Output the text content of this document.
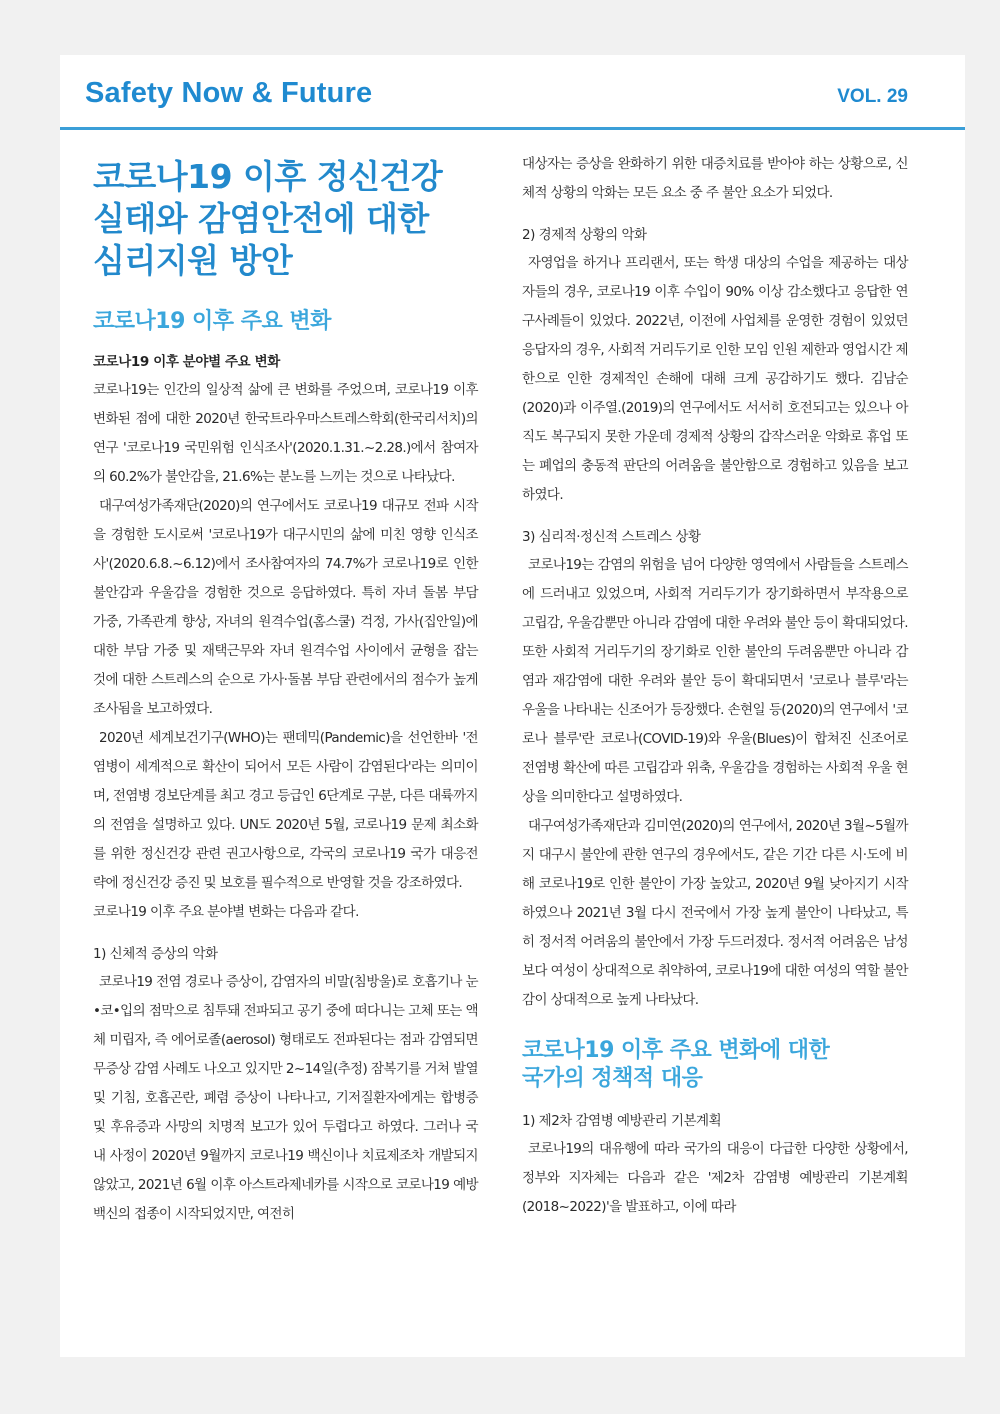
Safety Now & Future	VOL. 29
코로나19 이후 정신건강
실태와 감염안전에 대한
심리지원 방안
코로나19 이후 주요 변화
코로나19 이후 분야별 주요 변화

코로나19는 인간의 일상적 삶에 큰 변화를 주었으며, 코로나19 이후 변화된 점에 대한 2020년 한국트라우마스트레스학회(한국리서치)의 연구 '코로나19 국민위험 인식조사'(2020.1.31.~2.28.)에서 참여자의 60.2%가 불안감을, 21.6%는 분노를 느끼는 것으로 나타났다.

대구여성가족재단(2020)의 연구에서도 코로나19 대규모 전파 시작을 경험한 도시로써 '코로나19가 대구시민의 삶에 미친 영향 인식조사'(2020.6.8.~6.12)에서 조사참여자의 74.7%가 코로나19로 인한 불안감과 우울감을 경험한 것으로 응답하였다. 특히 자녀 돌봄 부담 가중, 가족관계 향상, 자녀의 원격수업(홈스쿨) 걱정, 가사(집안일)에 대한 부담 가중 및 재택근무와 자녀 원격수업 사이에서 균형을 잡는 것에 대한 스트레스의 순으로 가사·돌봄 부담 관련에서의 점수가 높게 조사됨을 보고하였다.

2020년 세계보건기구(WHO)는 팬데믹(Pandemic)을 선언한바 '전염병이 세계적으로 확산이 되어서 모든 사람이 감염된다'라는 의미이며, 전염병 경보단계를 최고 경고 등급인 6단계로 구분, 다른 대륙까지의 전염을 설명하고 있다. UN도 2020년 5월, 코로나19 문제 최소화를 위한 정신건강 관련 권고사항으로, 각국의 코로나19 국가 대응전략에 정신건강 증진 및 보호를 필수적으로 반영할 것을 강조하였다.

코로나19 이후 주요 분야별 변화는 다음과 같다.

1) 신체적 증상의 악화

코로나19 전염 경로나 증상이, 감염자의 비말(침방울)로 호흡기나 눈•코•입의 점막으로 침투돼 전파되고 공기 중에 떠다니는 고체 또는 액체 미립자, 즉 에어로졸(aerosol) 형태로도 전파된다는 점과 감염되면 무증상 감염 사례도 나오고 있지만 2~14일(추정) 잠복기를 거쳐 발열 및 기침, 호흡곤란, 폐렴 증상이 나타나고, 기저질환자에게는 합병증 및 후유증과 사망의 치명적 보고가 있어 두렵다고 하였다. 그러나 국내 사정이 2020년 9월까지 코로나19 백신이나 치료제조차 개발되지 않았고, 2021년 6월 이후 아스트라제네카를 시작으로 코로나19 예방백신의 접종이 시작되었지만, 여전히

대상자는 증상을 완화하기 위한 대증치료를 받아야 하는 상황으로, 신체적 상황의 악화는 모든 요소 중 주 불안 요소가 되었다.

2) 경제적 상황의 악화

자영업을 하거나 프리랜서, 또는 학생 대상의 수업을 제공하는 대상자들의 경우, 코로나19 이후 수입이 90% 이상 감소했다고 응답한 연구사례들이 있었다. 2022년, 이전에 사업체를 운영한 경험이 있었던 응답자의 경우, 사회적 거리두기로 인한 모임 인원 제한과 영업시간 제한으로 인한 경제적인 손해에 대해 크게 공감하기도 했다. 김남순(2020)과 이주열.(2019)의 연구에서도 서서히 호전되고는 있으나 아직도 복구되지 못한 가운데 경제적 상황의 갑작스러운 악화로 휴업 또는 폐업의 충동적 판단의 어려움을 불안함으로 경험하고 있음을 보고하였다.

3) 심리적·정신적 스트레스 상황

코로나19는 감염의 위험을 넘어 다양한 영역에서 사람들을 스트레스에 드러내고 있었으며, 사회적 거리두기가 장기화하면서 부작용으로 고립감, 우울감뿐만 아니라 감염에 대한 우려와 불안 등이 확대되었다. 또한 사회적 거리두기의 장기화로 인한 불안의 두려움뿐만 아니라 감염과 재감염에 대한 우려와 불안 등이 확대되면서 '코로나 블루'라는 우울을 나타내는 신조어가 등장했다. 손현일 등(2020)의 연구에서 '코로나 블루'란 코로나(COVID-19)와 우울(Blues)이 합쳐진 신조어로 전염병 확산에 따른 고립감과 위축, 우울감을 경험하는 사회적 우울 현상을 의미한다고 설명하였다.

대구여성가족재단과 김미연(2020)의 연구에서, 2020년 3월~5월까지 대구시 불안에 관한 연구의 경우에서도, 같은 기간 다른 시·도에 비해 코로나19로 인한 불안이 가장 높았고, 2020년 9월 낮아지기 시작하였으나 2021년 3월 다시 전국에서 가장 높게 불안이 나타났고, 특히 정서적 어려움의 불안에서 가장 두드러졌다. 정서적 어려움은 남성보다 여성이 상대적으로 취약하여, 코로나19에 대한 여성의 역할 불안감이 상대적으로 높게 나타났다.

코로나19 이후 주요 변화에 대한
국가의 정책적 대응
1) 제2차 감염병 예방관리 기본계획

코로나19의 대유행에 따라 국가의 대응이 다급한 다양한 상황에서, 정부와 지자체는 다음과 같은 '제2차 감염병 예방관리 기본계획(2018~2022)'을 발표하고, 이에 따라
